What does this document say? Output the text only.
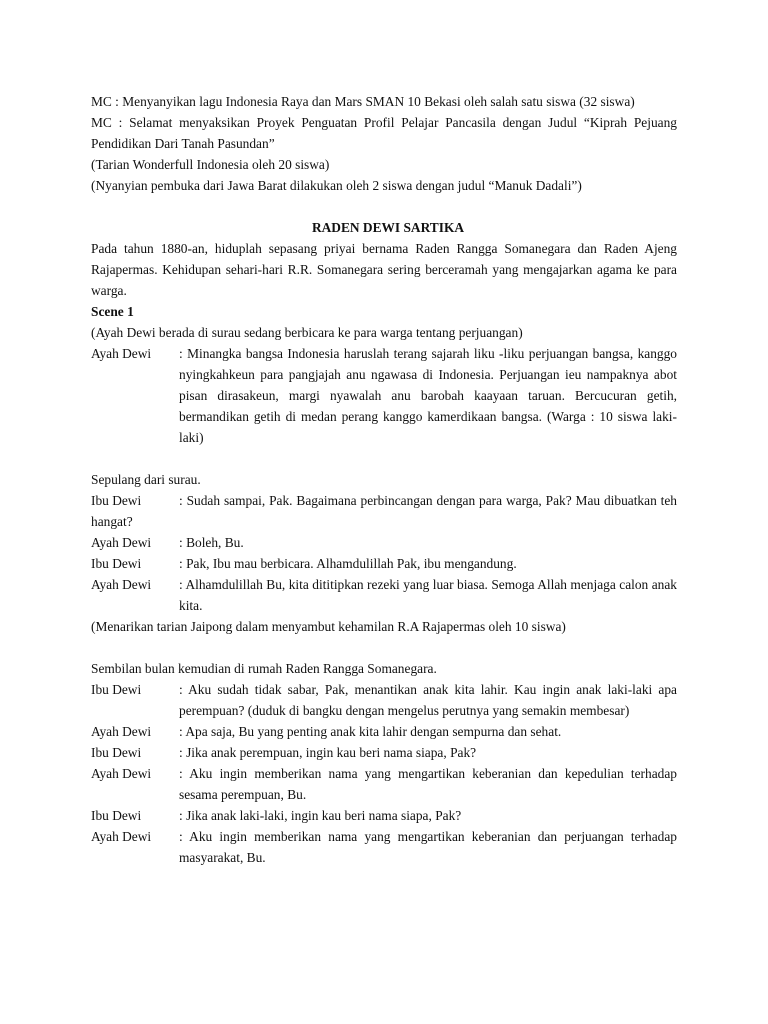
MC : Menyanyikan lagu Indonesia Raya dan Mars SMAN 10 Bekasi oleh salah satu siswa (32 siswa)

MC : Selamat menyaksikan Proyek Penguatan Profil Pelajar Pancasila dengan Judul “Kiprah Pejuang Pendidikan Dari Tanah Pasundan”

(Tarian Wonderfull Indonesia oleh 20 siswa)

(Nyanyian pembuka dari Jawa Barat dilakukan oleh 2 siswa dengan judul “Manuk Dadali”)

RADEN DEWI SARTIKA

Pada tahun 1880-an, hiduplah sepasang priyai bernama Raden Rangga Somanegara dan Raden Ajeng Rajapermas. Kehidupan sehari-hari R.R. Somanegara sering berceramah yang mengajarkan agama ke para warga.

Scene 1

(Ayah Dewi berada di surau sedang berbicara ke para warga tentang perjuangan)

Ayah Dewi	: Minangka bangsa Indonesia haruslah terang sajarah liku -liku perjuangan bangsa, kanggo nyingkahkeun para pangjajah anu ngawasa di Indonesia. Perjuangan ieu nampaknya abot pisan dirasakeun, margi nyawalah anu barobah kaayaan taruan. Bercucuran getih, bermandikan getih di medan perang kanggo kamerdikaan bangsa. (Warga : 10 siswa laki-laki)

Sepulang dari surau.

Ibu Dewi	: Sudah sampai, Pak. Bagaimana perbincangan dengan para warga, Pak? Mau dibuatkan teh hangat?

Ayah Dewi	: Boleh, Bu.
Ibu Dewi	: Pak, Ibu mau berbicara. Alhamdulillah Pak, ibu mengandung.
Ayah Dewi	: Alhamdulillah Bu, kita dititipkan rezeki yang luar biasa. Semoga Allah menjaga calon anak kita.

(Menarikan tarian Jaipong dalam menyambut kehamilan R.A Rajapermas oleh 10 siswa)

Sembilan bulan kemudian di rumah Raden Rangga Somanegara.

Ibu Dewi	: Aku sudah tidak sabar, Pak, menantikan anak kita lahir. Kau ingin anak laki-laki apa perempuan? (duduk di bangku dengan mengelus perutnya yang semakin membesar)
Ayah Dewi	: Apa saja, Bu yang penting anak kita lahir dengan sempurna dan sehat.
Ibu Dewi	: Jika anak perempuan, ingin kau beri nama siapa, Pak?
Ayah Dewi	: Aku ingin memberikan nama yang mengartikan keberanian dan kepedulian terhadap sesama perempuan, Bu.
Ibu Dewi	: Jika anak laki-laki, ingin kau beri nama siapa, Pak?
Ayah Dewi	: Aku ingin memberikan nama yang mengartikan keberanian dan perjuangan terhadap masyarakat, Bu.
